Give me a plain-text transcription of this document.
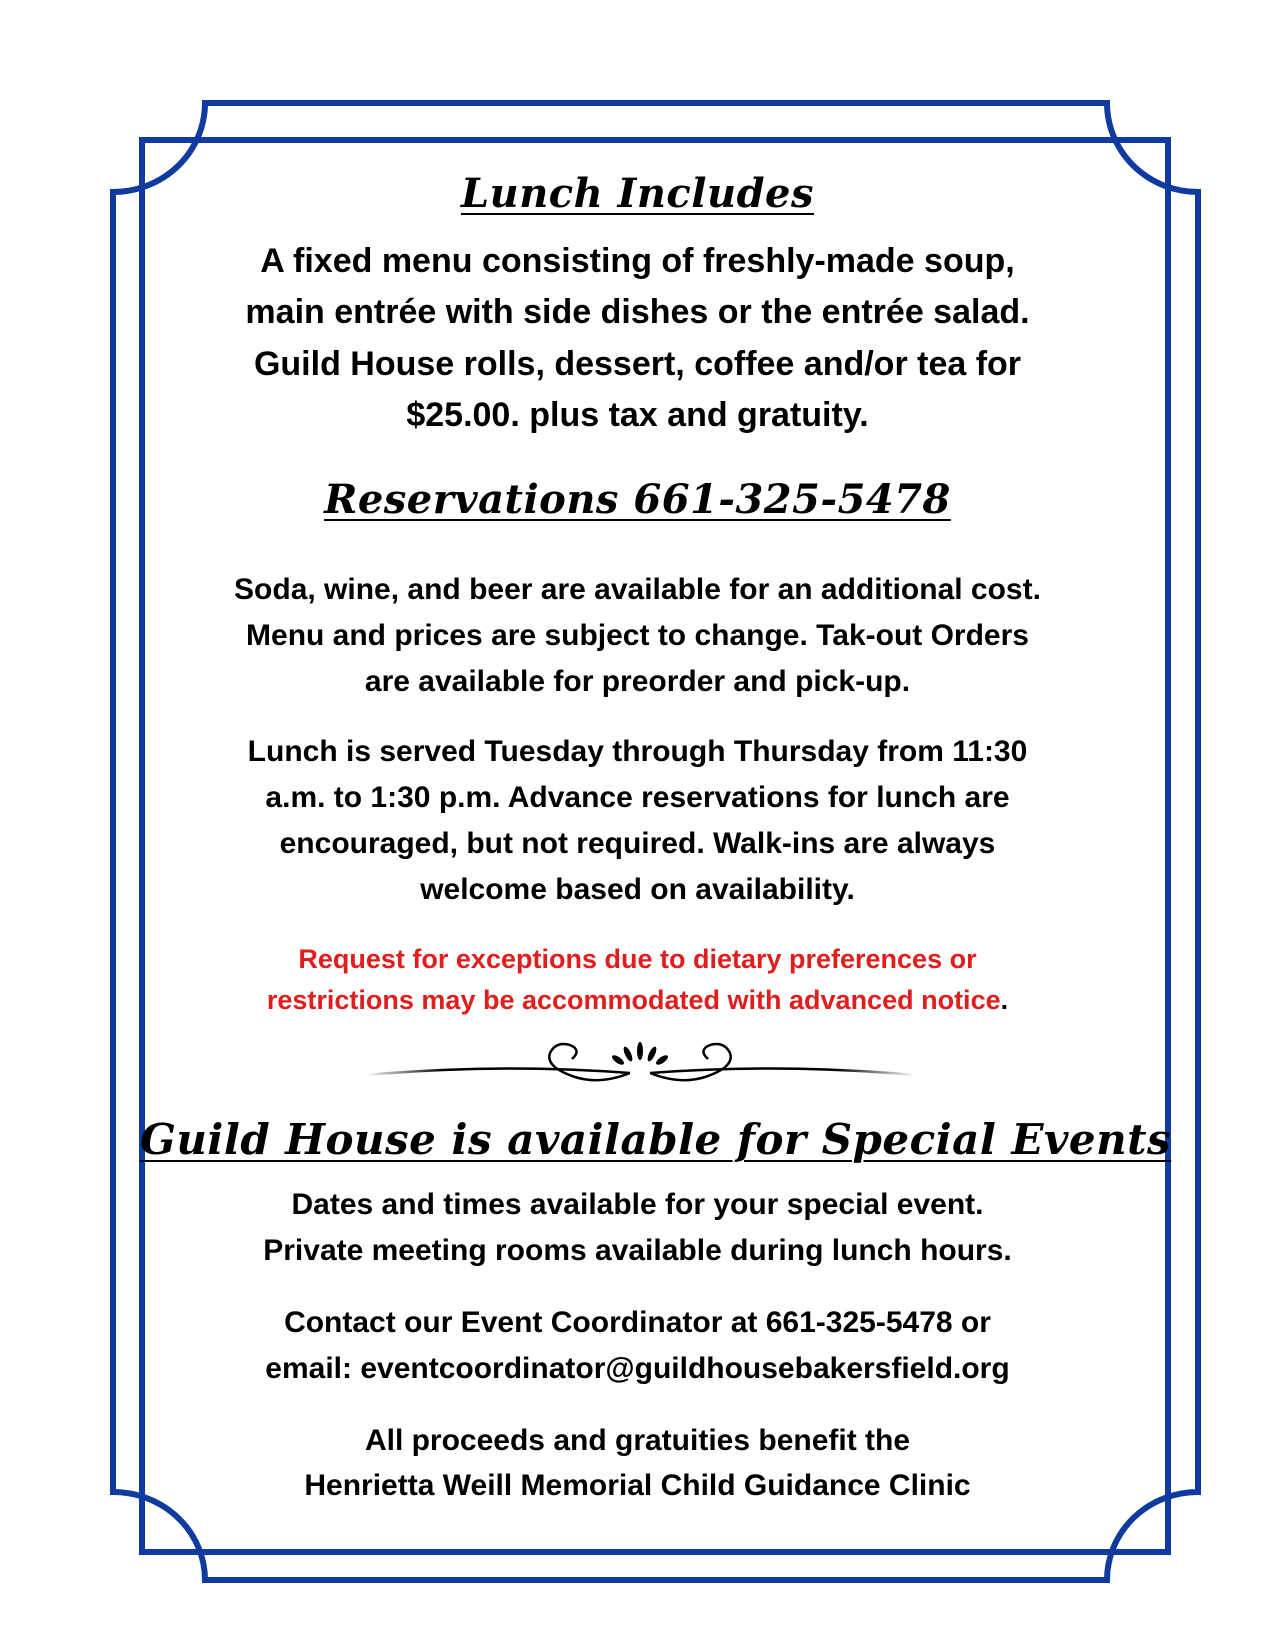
Lunch Includes
A fixed menu consisting of freshly-made soup,
main entrée with side dishes or the entrée salad.
Guild House rolls, dessert, coffee and/or tea for
$25.00. plus tax and gratuity.
Reservations 661-325-5478
Soda, wine, and beer are available for an additional cost.
Menu and prices are subject to change. Tak-out Orders
are available for preorder and pick-up.
Lunch is served Tuesday through Thursday from 11:30
a.m. to 1:30 p.m. Advance reservations for lunch are
encouraged, but not required. Walk-ins are always
welcome based on availability.
Request for exceptions due to dietary preferences or
restrictions may be accommodated with advanced notice.
Guild House is available for Special Events
Dates and times available for your special event.
Private meeting rooms available during lunch hours.
Contact our Event Coordinator at 661-325-5478 or
email: eventcoordinator@guildhousebakersfield.org
All proceeds and gratuities benefit the
Henrietta Weill Memorial Child Guidance Clinic
